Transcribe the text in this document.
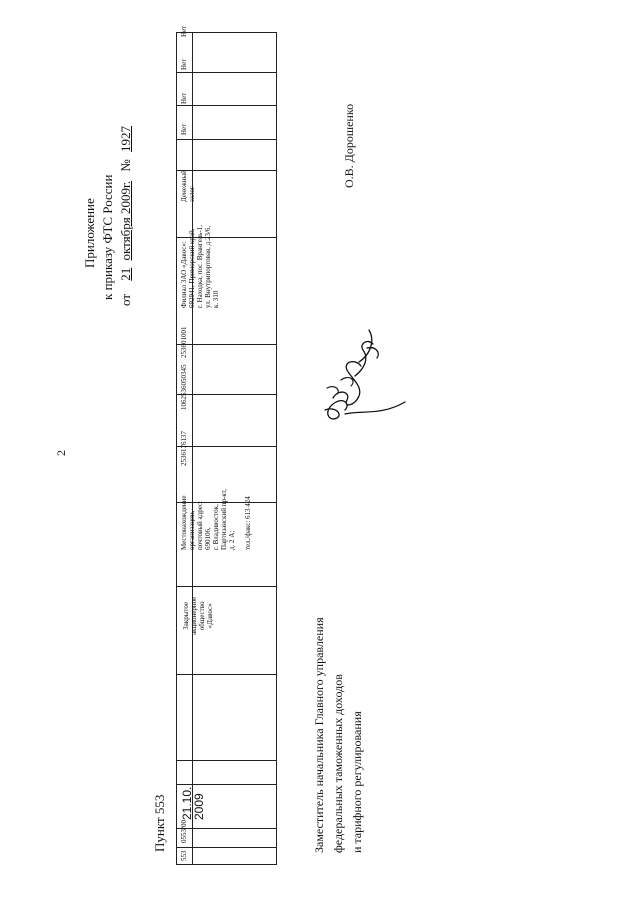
2
Приложение к приказу ФТС России от 21 октября 2009г. № 1927
Пункт 553
553
0553/00
21.10.
2009
Закрытое
акционерное
общество
«Давос»
Местонахождение
организации,
почтовый адрес:
690106,
г. Владивосток,
Партизанский пр-кт,
д. 2 А;

тел./факс: 613 424
2536176137
1062536050345
253601001
Филиал ЗАО «Давос»:
692941, Приморский край,
г. Находка, пос. Врангель-1,
ул. Внутрипортовая, д.23/6,
к. 310
Денежный
залог
Нет
Нет
Нет
Нет
Заместитель начальника Главного управления федеральных таможенных доходов и тарифного регулирования
О.В. Дорошенко
